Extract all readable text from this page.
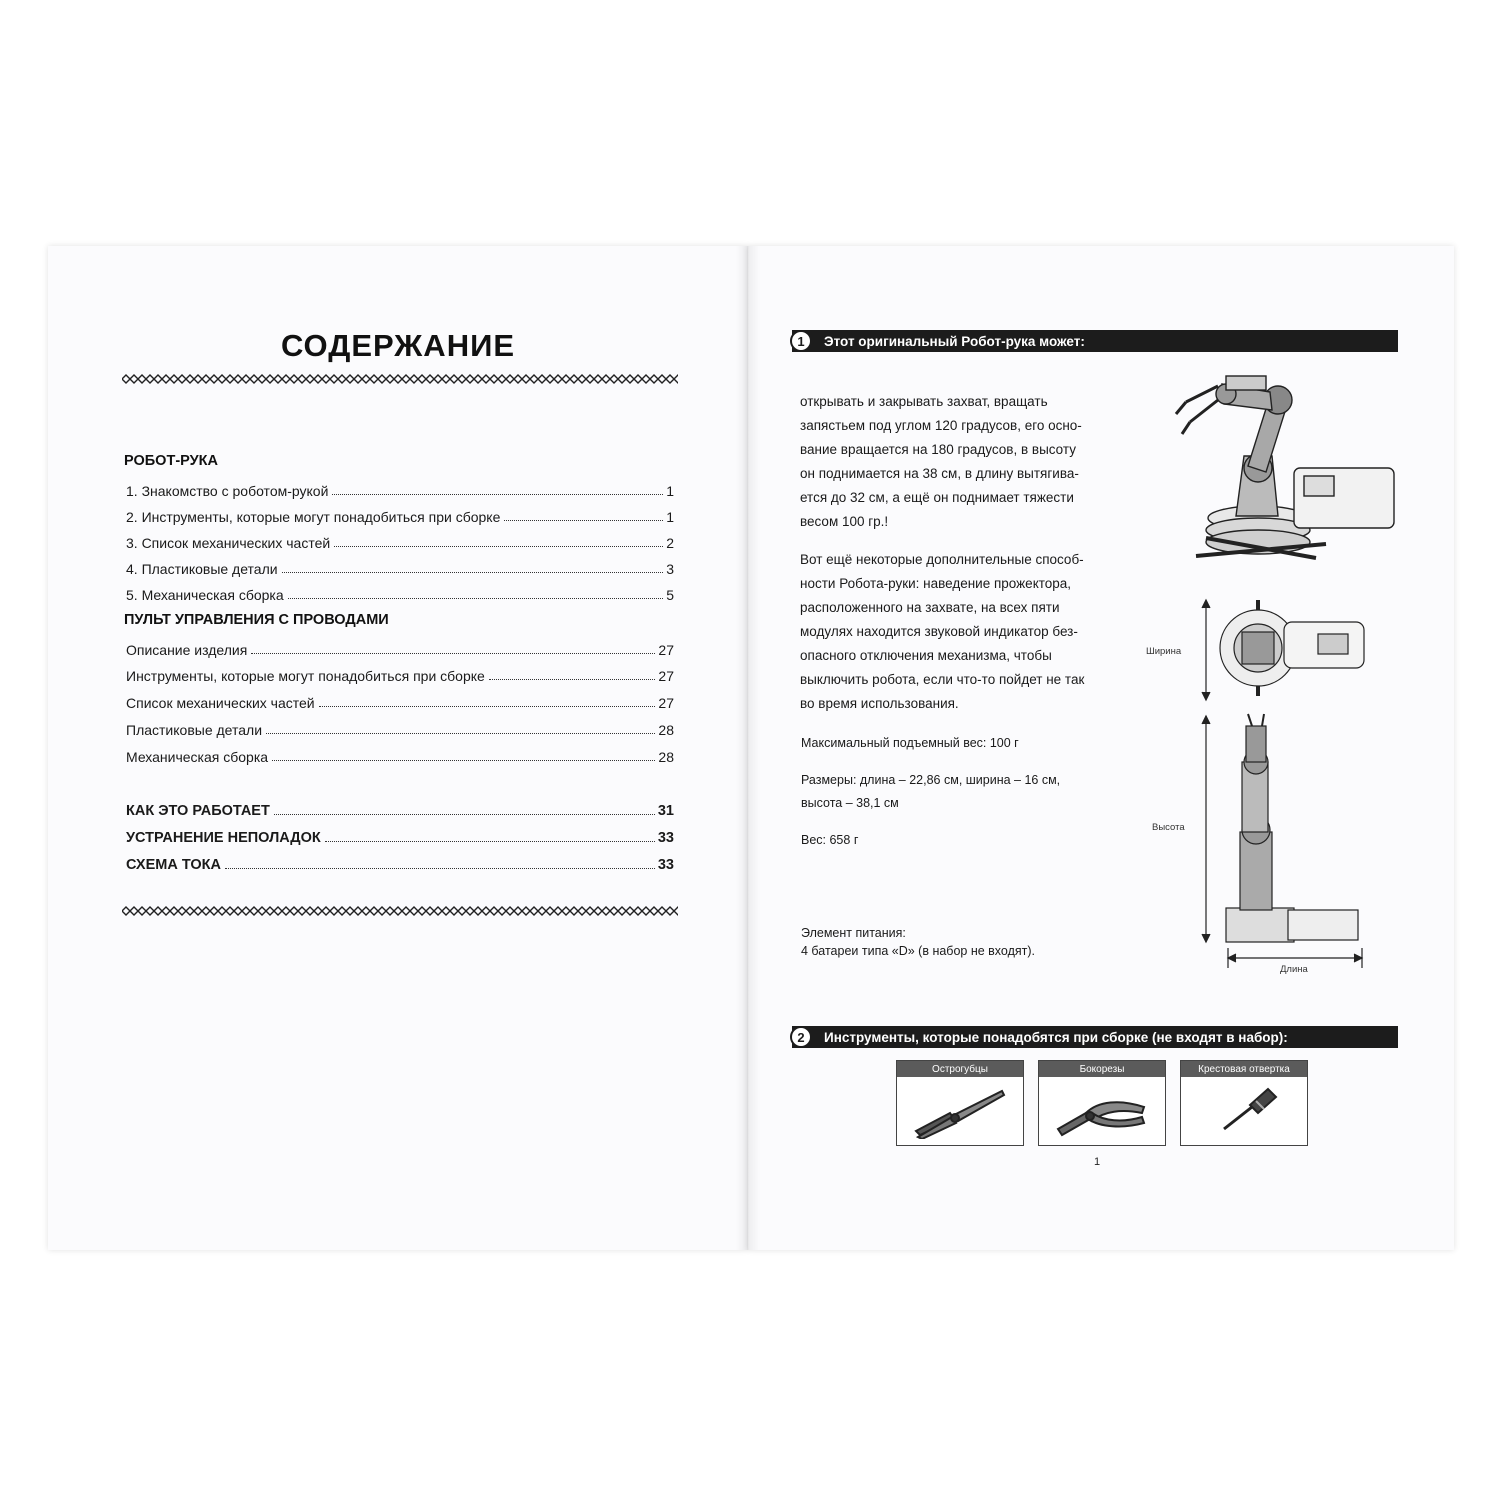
СОДЕРЖАНИЕ
РОБОТ-РУКА
1. Знакомство с роботом-рукой	1
2. Инструменты, которые могут понадобиться при сборке	1
3. Список механических частей	2
4. Пластиковые детали	3
5. Механическая сборка	5
ПУЛЬТ УПРАВЛЕНИЯ С ПРОВОДАМИ
Описание изделия	27
Инструменты, которые могут понадобиться при сборке	27
Список механических частей	27
Пластиковые детали	28
Механическая сборка	28
КАК ЭТО РАБОТАЕТ	31
УСТРАНЕНИЕ НЕПОЛАДОК	33
СХЕМА ТОКА	33
1	Этот оригинальный Робот-рука может:
открывать и закрывать захват, вращать
запястьем под углом 120 градусов, его осно-
вание вращается на 180 градусов, в высоту
он поднимается на 38 см, в длину вытягива-
ется до 32 см, а ещё он поднимает тяжести
весом 100 гр.!
Вот ещё некоторые дополнительные способ-
ности Робота-руки: наведение прожектора,
расположенного на захвате, на всех пяти
модулях находится звуковой индикатор без-
опасного отключения механизма, чтобы
выключить робота, если что-то пойдет не так
во время использования.
Максимальный подъемный вес: 100 г
Размеры: длина – 22,86 см, ширина – 16 см,
высота – 38,1 см
Вес: 658 г
Элемент питания:
4 батареи типа «D» (в набор не входят).
Ширина
Высота
Длина
2	Инструменты, которые понадобятся при сборке (не входят в набор):
Острогубцы	Бокорезы	Крестовая отвертка
1
